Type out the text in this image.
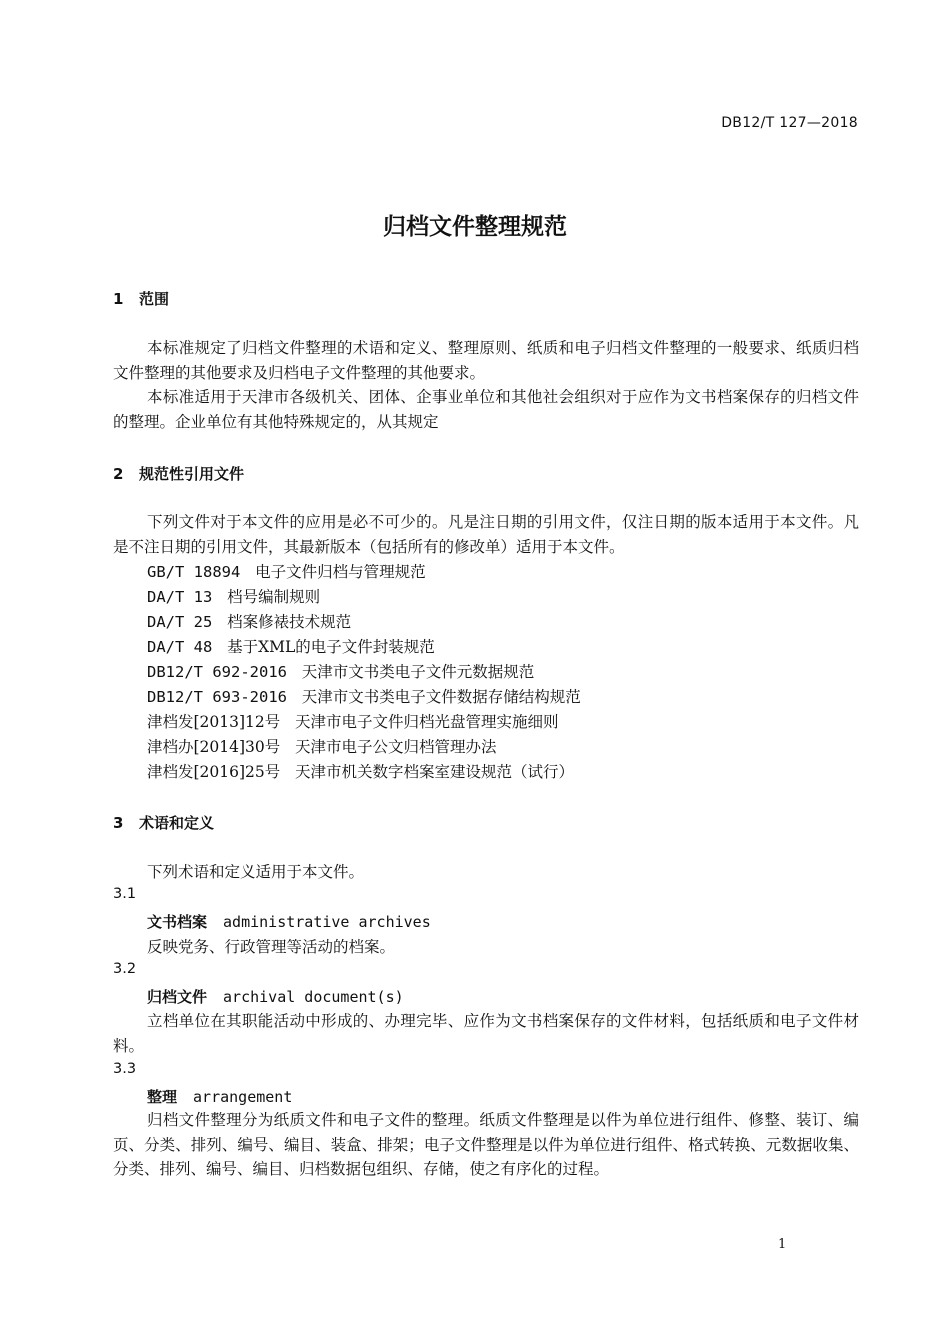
DB12/T 127—2018
归档文件整理规范
1 范围
本标准规定了归档文件整理的术语和定义、整理原则、纸质和电子归档文件整理的一般要求、纸质归档文件整理的其他要求及归档电子文件整理的其他要求。
本标准适用于天津市各级机关、团体、企事业单位和其他社会组织对于应作为文书档案保存的归档文件的整理。企业单位有其他特殊规定的，从其规定
2 规范性引用文件
下列文件对于本文件的应用是必不可少的。凡是注日期的引用文件，仅注日期的版本适用于本文件。凡是不注日期的引用文件，其最新版本（包括所有的修改单）适用于本文件。
GB/T 18894 电子文件归档与管理规范
DA/T 13 档号编制规则
DA/T 25 档案修裱技术规范
DA/T 48 基于XML的电子文件封装规范
DB12/T 692-2016 天津市文书类电子文件元数据规范
DB12/T 693-2016 天津市文书类电子文件数据存储结构规范
津档发[2013]12号 天津市电子文件归档光盘管理实施细则
津档办[2014]30号 天津市电子公文归档管理办法
津档发[2016]25号 天津市机关数字档案室建设规范（试行）
3 术语和定义
下列术语和定义适用于本文件。
3.1
文书档案 administrative archives
反映党务、行政管理等活动的档案。
3.2
归档文件 archival document(s)
立档单位在其职能活动中形成的、办理完毕、应作为文书档案保存的文件材料，包括纸质和电子文件材料。
3.3
整理 arrangement
归档文件整理分为纸质文件和电子文件的整理。纸质文件整理是以件为单位进行组件、修整、装订、编页、分类、排列、编号、编目、装盒、排架；电子文件整理是以件为单位进行组件、格式转换、元数据收集、分类、排列、编号、编目、归档数据包组织、存储，使之有序化的过程。
1
